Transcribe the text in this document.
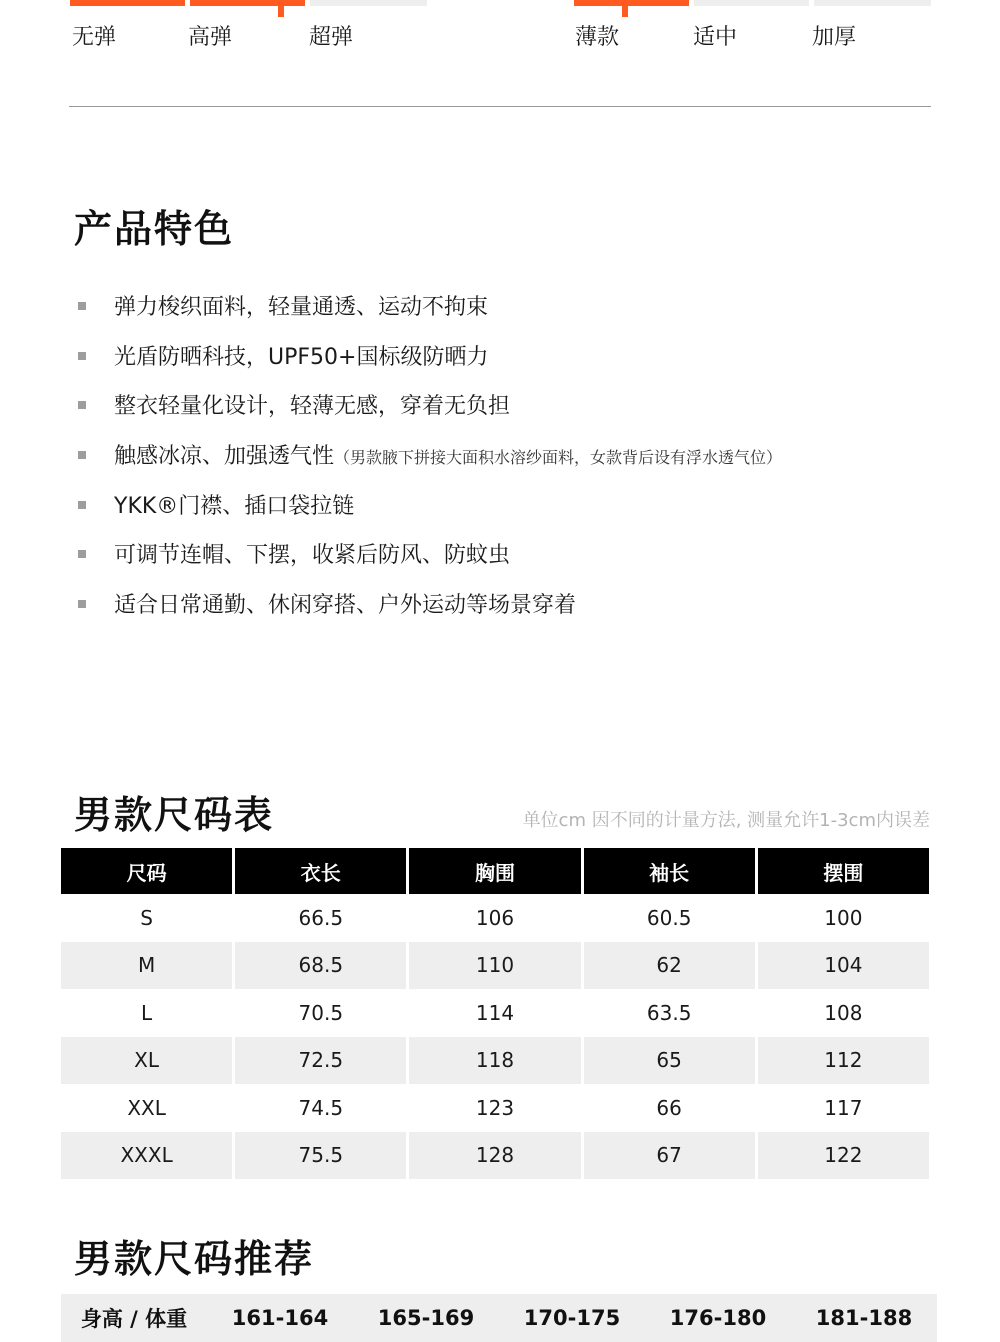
无弹	高弹	超弹	薄款	适中	加厚
产品特色
弹力梭织面料，轻量通透、运动不拘束
光盾防晒科技，UPF50+国标级防晒力
整衣轻量化设计，轻薄无感，穿着无负担
触感冰凉、加强透气性（男款腋下拼接大面积水溶纱面料，女款背后设有浮水透气位）
YKK®门襟、插口袋拉链
可调节连帽、下摆，收紧后防风、防蚊虫
适合日常通勤、休闲穿搭、户外运动等场景穿着
男款尺码表	单位cm 因不同的计量方法, 测量允许1-3cm内误差
尺码	衣长	胸围	袖长	摆围
S	66.5	106	60.5	100
M	68.5	110	62	104
L	70.5	114	63.5	108
XL	72.5	118	65	112
XXL	74.5	123	66	117
XXXL	75.5	128	67	122
男款尺码推荐
身高 / 体重	161-164	165-169	170-175	176-180	181-188
